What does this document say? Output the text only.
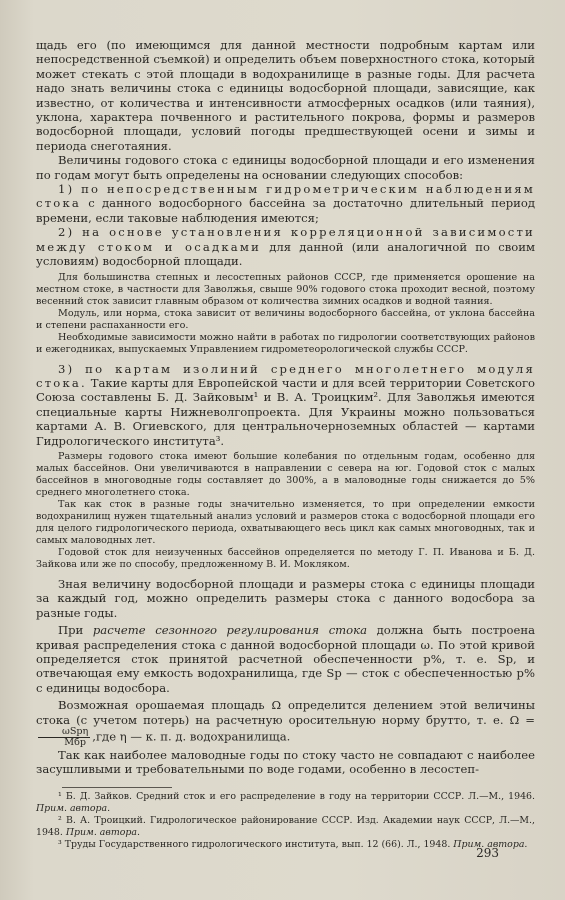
щадь его (по имеющимся для данной местности подробным картам или непосредственной съемкой) и определить объем поверхностного стока, который может стекать с этой площади в водохранилище в разные годы. Для расчета надо знать величины стока с единицы водосборной площади, зависящие, как известно, от количества и интенсивности атмосферных осадков (или таяния), уклона, характера почвенного и растительного покрова, формы и размеров водосборной площади, условий погоды предшествующей осени и зимы и периода снеготаяния.

Величины годового стока с единицы водосборной площади и его изменения по годам могут быть определены на основании следующих способов:

1) по непосредственным гидрометрическим наблюдениям стока с данного водосборного бассейна за достаточно длительный период времени, если таковые наблюдения имеются;

2) на основе установления корреляционной зависимости между стоком и осадками для данной (или аналогичной по своим условиям) водосборной площади.

Для большинства степных и лесостепных районов СССР, где применяется орошение на местном стоке, в частности для Заволжья, свыше 90% годового стока проходит весной, поэтому весенний сток зависит главным образом от количества зимних осадков и водной таяния.

Модуль, или норма, стока зависит от величины водосборного бассейна, от уклона бассейна и степени распаханности его.

Необходимые зависимости можно найти в работах по гидрологии соответствующих районов и ежегодниках, выпускаемых Управлением гидрометеорологической службы СССР.

3) по картам изолиний среднего многолетнего модуля стока. Такие карты для Европейской части и для всей территории Советского Союза составлены Б. Д. Зайковым¹ и В. А. Троицким². Для Заволжья имеются специальные карты Нижневолгопроекта. Для Украины можно пользоваться картами А. В. Огиевского, для центральночерноземных областей — картами Гидрологического института³.

Размеры годового стока имеют большие колебания по отдельным годам, особенно для малых бассейнов. Они увеличиваются в направлении с севера на юг. Годовой сток с малых бассейнов в многоводные годы составляет до 300%, а в маловодные годы снижается до 5% среднего многолетнего стока.

Так как сток в разные годы значительно изменяется, то при определении емкости водохранилищ нужен тщательный анализ условий и размеров стока с водосборной площади его для целого гидрологического периода, охватывающего весь цикл как самых многоводных, так и самых маловодных лет.

Годовой сток для неизученных бассейнов определяется по методу Г. П. Иванова и Б. Д. Зайкова или же по способу, предложенному В. И. Мокляком.

Зная величину водосборной площади и размеры стока с единицы площади за каждый год, можно определить размеры стока с данного водосбора за разные годы.

При расчете сезонного регулирования стока должна быть построена кривая распределения стока с данной водосборной площади ω. По этой кривой определяется сток принятой расчетной обеспеченности p%, т. е. Sp, и отвечающая ему емкость водохранилища, где Sp — сток с обеспеченностью p% с единицы водосбора.

Возможная орошаемая площадь Ω определится делением этой величины стока (с учетом потерь) на расчетную оросительную норму брутто, т. е. Ω =
ωSpη
Mбр ,где η — к. п. д. водохранилища.

Так как наиболее маловодные годы по стоку часто не совпадают с наиболее засушливыми и требовательными по воде годами, особенно в лесостеп-

¹ Б. Д. Зайков. Средний сток и его распределение в году на территории СССР. Л.—М., 1946. Прим. автора.

² В. А. Троицкий. Гидрологическое районирование СССР. Изд. Академии наук СССР, Л.—М., 1948. Прим. автора.

³ Труды Государственного гидрологического института, вып. 12 (66). Л., 1948. Прим. автора.

293
